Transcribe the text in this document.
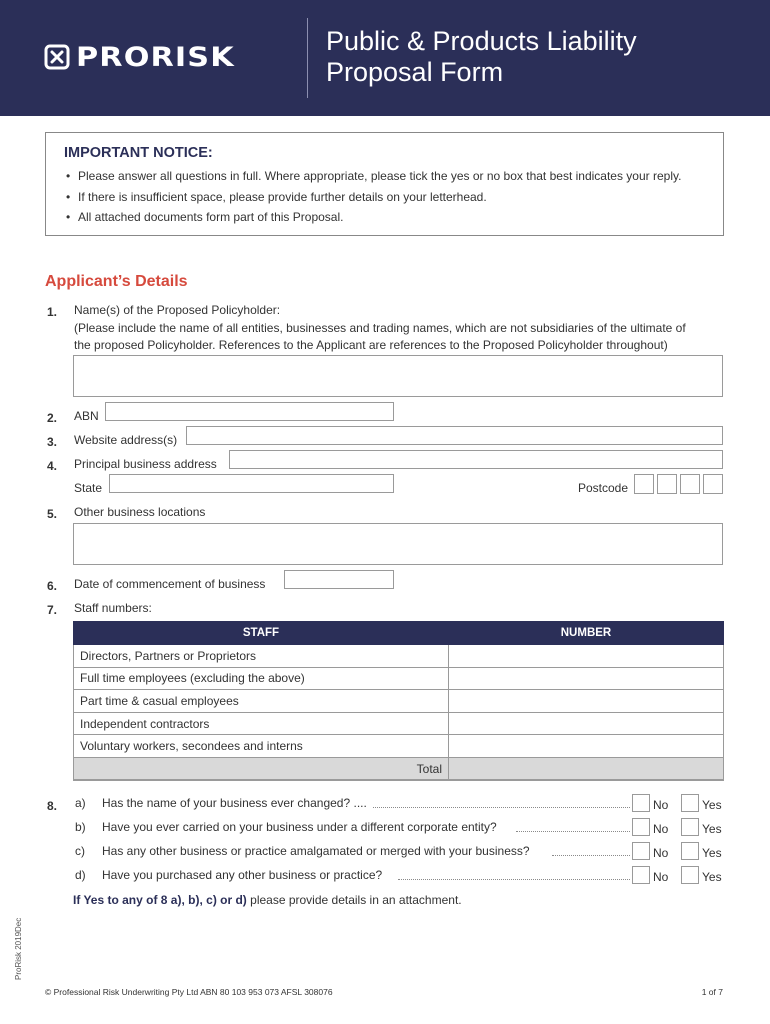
PRORISK
Public & Products Liability
Proposal Form
IMPORTANT NOTICE:
• Please answer all questions in full. Where appropriate, please tick the yes or no box that best indicates your reply.
• If there is insufficient space, please provide further details on your letterhead.
• All attached documents form part of this Proposal.
Applicant’s Details
1. Name(s) of the Proposed Policyholder:
(Please include the name of all entities, businesses and trading names, which are not subsidiaries of the ultimate of
the proposed Policyholder. References to the Applicant are references to the Proposed Policyholder throughout)
2. ABN
3. Website address(s)
4. Principal business address
State	Postcode
5. Other business locations
6. Date of commencement of business
7. Staff numbers:
STAFF	NUMBER
Directors, Partners or Proprietors	
Full time employees (excluding the above)	
Part time & casual employees	
Independent contractors	
Voluntary workers, secondees and interns	
Total	
8. a) Has the name of your business ever changed? ....	No	Yes
b) Have you ever carried on your business under a different corporate entity?	No	Yes
c) Has any other business or practice amalgamated or merged with your business?	No	Yes
d) Have you purchased any other business or practice?	No	Yes
If Yes to any of 8 a), b), c) or d) please provide details in an attachment.
ProRisk 2019Dec
© Professional Risk Underwriting Pty Ltd ABN 80 103 953 073 AFSL 308076	1 of 7
